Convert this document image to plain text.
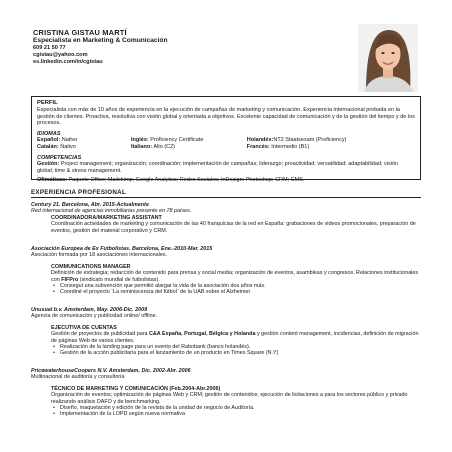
CRISTINA GISTAU MARTÍ
Especialista en Marketing & Comunicación
609 21 50 77
cgistau@yahoo.com
es.linkedin.com/in/cgistau
PERFIL

Especialista con más de 10 años de experiencia en la ejecución de campañas de marketing y comunicación. Experiencia internacional probada en la gestión de clientes. Proactiva, resolutiva con visión global y orientada a objetivos. Excelente capacidad de comunicación y de la gestión del tiempo y de los procesos.

IDIOMAS
Español: Nativo	Inglés: Proficiency Certificate	Holandés:NT2 Staatsexam (Proficiency)
Catalán: Nativo	Italiano: Alto (C2)	Francés: Intermedio (B1)
COMPETENCIAS

Gestión: Project management; organización; coordinación; implementación de campañas; liderazgo; proactividad; versatilidad; adaptabilidad; visión global; time & stress management.

Ofimáticas: Paquete Office; Mailchimp; Google Analytics; Redes Sociales; InDesign; Photoshop; CRM; CMS.

EXPERIENCIA PROFESIONAL
Century 21. Barcelona, Abr. 2015-Actualmente
Red internacional de agencias inmobiliarias presente en 78 países.
COORDINADORA/MARKETING ASSISTANT
Coordinación actividades de marketing y comunicación de las 40 franquicias de la red en España: grabaciones de videos promocionales, preparación de eventos, gestión del material corporativo y CRM.
Asociación Europea de Ex Futbolistas. Barcelona, Ene.-2010-Mar. 2015
Asociación formada por 18 asociaciones internacionales.
COMMUNICATIONS MANAGER
Definición de estrategia; redacción de contenido para prensa y social media; organización de eventos, asambleas y congresos. Relaciones institucionales con FIFPro (sindicato mundial de futbolistas).
• Conseguí una subvención que permitió alargar la vida de la asociación dos años más.
• Coordiné el proyecto ¨La reminiscencia del fútbol¨ de la UAB sobre el Alzheimer
Unusual b.v. Amsterdam, May. 2006-Dic. 2009
Agencia de comunicación y publicidad online/ offline.
EJECUTIVA DE CUENTAS
Gestión de proyectos de publicidad para C&A España, Portugal, Bélgica y Holanda y gestión content management, incidencias, definición de migración de páginas Web de varios clientes.
• Realización de la landing page para un evento del Rabobank (banco holandés).
• Gestión de la acción publicitaria para el lanzamiento de un producto en Times Square (N.Y)
PricewaterhouseCoopers N.V. Amsterdam, Dic. 2002-Abr. 2006
Multinacional de auditoría y consultoría
TÉCNICO DE MARKETING Y COMUNICACIÓN (Feb.2004-Abr.2006)
Organización de eventos; optimización de páginas Web y CRM; gestión de contenidos; ejecución de licitaciones a para los sectores público y privado realizando análisis DAFO y de benchmarking.
• Diseño, maquetación y edición de la revista de la unidad de negocio de Auditoría.
• Implementación de la LOPD según nueva normativa
